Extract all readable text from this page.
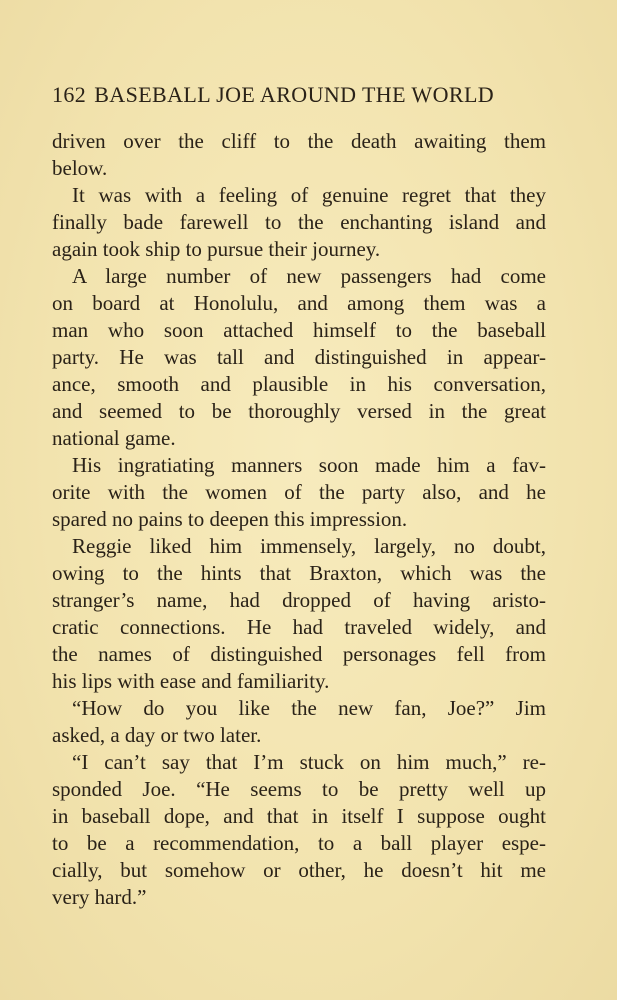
162 BASEBALL JOE AROUND THE WORLD
driven over the cliff to the death awaiting them
below.
It was with a feeling of genuine regret that they
finally bade farewell to the enchanting island and
again took ship to pursue their journey.
A large number of new passengers had come
on board at Honolulu, and among them was a
man who soon attached himself to the baseball
party. He was tall and distinguished in appear-
ance, smooth and plausible in his conversation,
and seemed to be thoroughly versed in the great
national game.
His ingratiating manners soon made him a fav-
orite with the women of the party also, and he
spared no pains to deepen this impression.
Reggie liked him immensely, largely, no doubt,
owing to the hints that Braxton, which was the
stranger’s name, had dropped of having aristo-
cratic connections. He had traveled widely, and
the names of distinguished personages fell from
his lips with ease and familiarity.
“How do you like the new fan, Joe?” Jim
asked, a day or two later.
“I can’t say that I’m stuck on him much,” re-
sponded Joe. “He seems to be pretty well up
in baseball dope, and that in itself I suppose ought
to be a recommendation, to a ball player espe-
cially, but somehow or other, he doesn’t hit me
very hard.”
